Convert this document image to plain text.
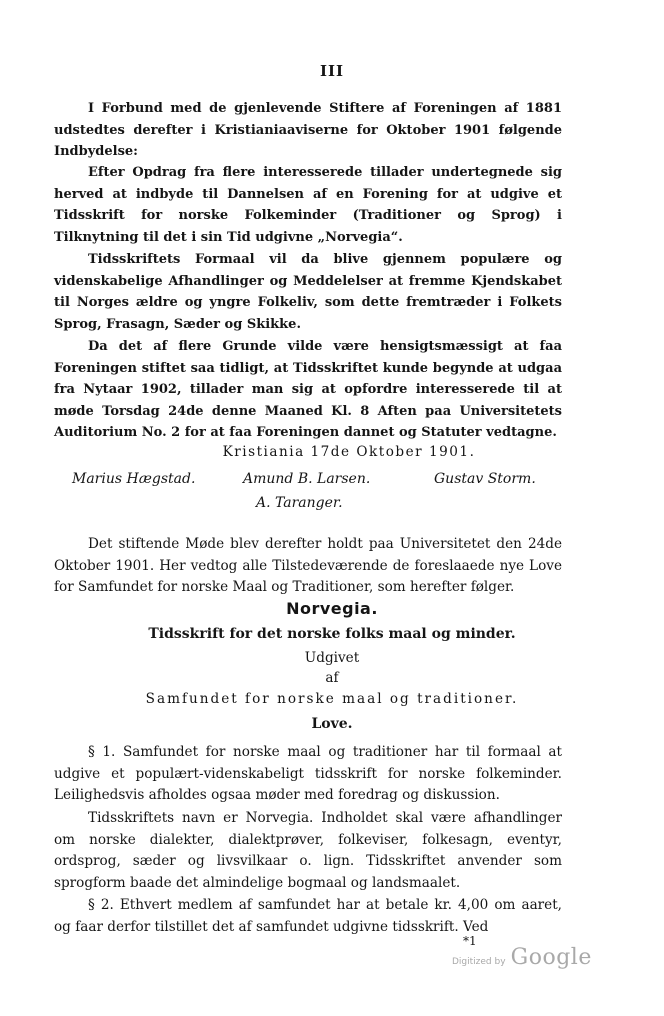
III
I Forbund med de gjenlevende Stiftere af Foreningen af 1881 udstedtes derefter i Kristianiaaviserne for Oktober 1901 følgende Indbydelse:
Efter Opdrag fra flere interesserede tillader undertegnede sig herved at indbyde til Dannelsen af en Forening for at udgive et Tidsskrift for norske Folkeminder (Traditioner og Sprog) i Tilknytning til det i sin Tid udgivne „Norvegia“.
Tidsskriftets Formaal vil da blive gjennem populære og videnskabelige Afhandlinger og Meddelelser at fremme Kjendskabet til Norges ældre og yngre Folkeliv, som dette fremtræder i Folkets Sprog, Frasagn, Sæder og Skikke.
Da det af flere Grunde vilde være hensigtsmæssigt at faa Foreningen stiftet saa tidligt, at Tidsskriftet kunde begynde at udgaa fra Nytaar 1902, tillader man sig at opfordre interesserede til at møde Torsdag 24de denne Maaned Kl. 8 Aften paa Universitetets Auditorium No. 2 for at faa Foreningen dannet og Statuter vedtagne.
Kristiania 17de Oktober 1901.
Marius Hægstad.	Amund B. Larsen.	Gustav Storm.
A. Taranger.
Det stiftende Møde blev derefter holdt paa Universitetet den 24de Oktober 1901. Her vedtog alle Tilstedeværende de foreslaaede nye Love for Samfundet for norske Maal og Traditioner, som herefter følger.
Norvegia.
Tidsskrift for det norske folks maal og minder.
Udgivet
af
Samfundet for norske maal og traditioner.
Love.
§ 1. Samfundet for norske maal og traditioner har til formaal at udgive et populært-videnskabeligt tidsskrift for norske folkeminder. Leilighedsvis afholdes ogsaa møder med foredrag og diskussion.
Tidsskriftets navn er Norvegia. Indholdet skal være afhandlinger om norske dialekter, dialektprøver, folkeviser, folkesagn, eventyr, ordsprog, sæder og livsvilkaar o. lign. Tidsskriftet anvender som sprogform baade det almindelige bogmaal og landsmaalet.
§ 2. Ethvert medlem af samfundet har at betale kr. 4,00 om aaret, og faar derfor tilstillet det af samfundet udgivne tidsskrift. Ved
*1
Digitized by Google
